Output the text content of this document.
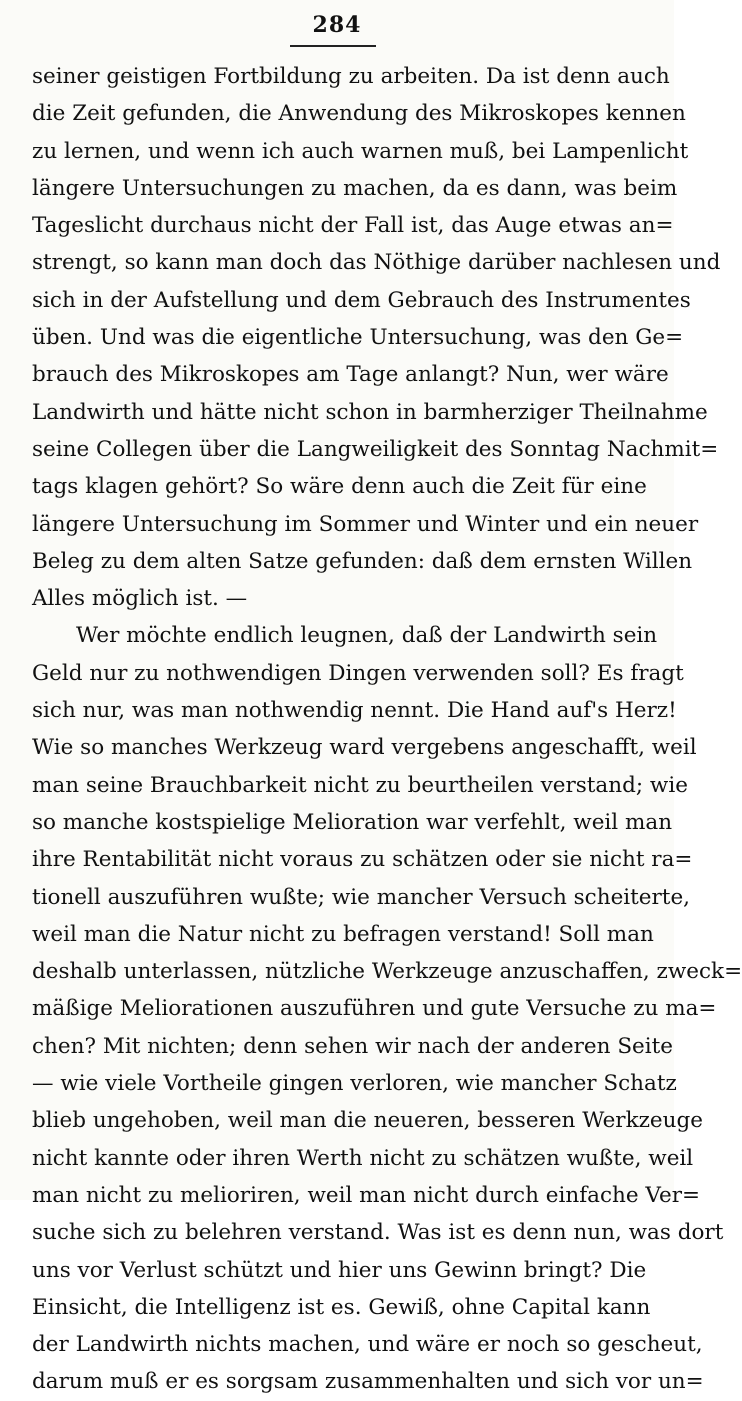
284
seiner geistigen Fortbildung zu arbeiten. Da ist denn auch
die Zeit gefunden, die Anwendung des Mikroskopes kennen
zu lernen, und wenn ich auch warnen muß, bei Lampenlicht
längere Untersuchungen zu machen, da es dann, was beim
Tageslicht durchaus nicht der Fall ist, das Auge etwas an=
strengt, so kann man doch das Nöthige darüber nachlesen und
sich in der Aufstellung und dem Gebrauch des Instrumentes
üben. Und was die eigentliche Untersuchung, was den Ge=
brauch des Mikroskopes am Tage anlangt? Nun, wer wäre
Landwirth und hätte nicht schon in barmherziger Theilnahme
seine Collegen über die Langweiligkeit des Sonntag Nachmit=
tags klagen gehört? So wäre denn auch die Zeit für eine
längere Untersuchung im Sommer und Winter und ein neuer
Beleg zu dem alten Satze gefunden: daß dem ernsten Willen
Alles möglich ist. —
Wer möchte endlich leugnen, daß der Landwirth sein
Geld nur zu nothwendigen Dingen verwenden soll? Es fragt
sich nur, was man nothwendig nennt. Die Hand auf's Herz!
Wie so manches Werkzeug ward vergebens angeschafft, weil
man seine Brauchbarkeit nicht zu beurtheilen verstand; wie
so manche kostspielige Melioration war verfehlt, weil man
ihre Rentabilität nicht voraus zu schätzen oder sie nicht ra=
tionell auszuführen wußte; wie mancher Versuch scheiterte,
weil man die Natur nicht zu befragen verstand! Soll man
deshalb unterlassen, nützliche Werkzeuge anzuschaffen, zweck=
mäßige Meliorationen auszuführen und gute Versuche zu ma=
chen? Mit nichten; denn sehen wir nach der anderen Seite
— wie viele Vortheile gingen verloren, wie mancher Schatz
blieb ungehoben, weil man die neueren, besseren Werkzeuge
nicht kannte oder ihren Werth nicht zu schätzen wußte, weil
man nicht zu melioriren, weil man nicht durch einfache Ver=
suche sich zu belehren verstand. Was ist es denn nun, was dort
uns vor Verlust schützt und hier uns Gewinn bringt? Die
Einsicht, die Intelligenz ist es. Gewiß, ohne Capital kann
der Landwirth nichts machen, und wäre er noch so gescheut,
darum muß er es sorgsam zusammenhalten und sich vor un=
